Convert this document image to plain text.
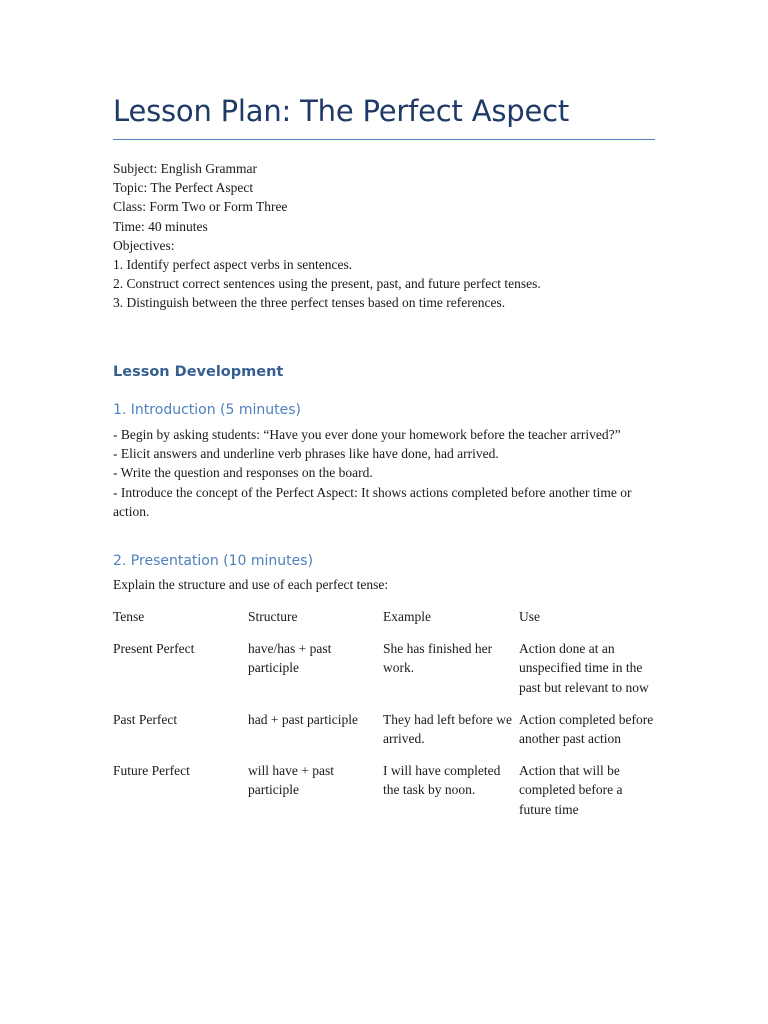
Lesson Plan: The Perfect Aspect
Subject: English Grammar
Topic: The Perfect Aspect
Class: Form Two or Form Three
Time: 40 minutes
Objectives:
1. Identify perfect aspect verbs in sentences.
2. Construct correct sentences using the present, past, and future perfect tenses.
3. Distinguish between the three perfect tenses based on time references.
Lesson Development
1. Introduction (5 minutes)

- Begin by asking students: “Have you ever done your homework before the teacher arrived?”

- Elicit answers and underline verb phrases like have done, had arrived.

- Write the question and responses on the board.

- Introduce the concept of the Perfect Aspect: It shows actions completed before another time or action.

2. Presentation (10 minutes)
Explain the structure and use of each perfect tense:
Tense	Structure	Example	Use
Present Perfect	have/has + past participle	She has finished her work.	Action done at an unspecified time in the past but relevant to now
Past Perfect	had + past participle	They had left before we arrived.	Action completed before another past action
Future Perfect	will have + past participle	I will have completed the task by noon.	Action that will be completed before a future time
